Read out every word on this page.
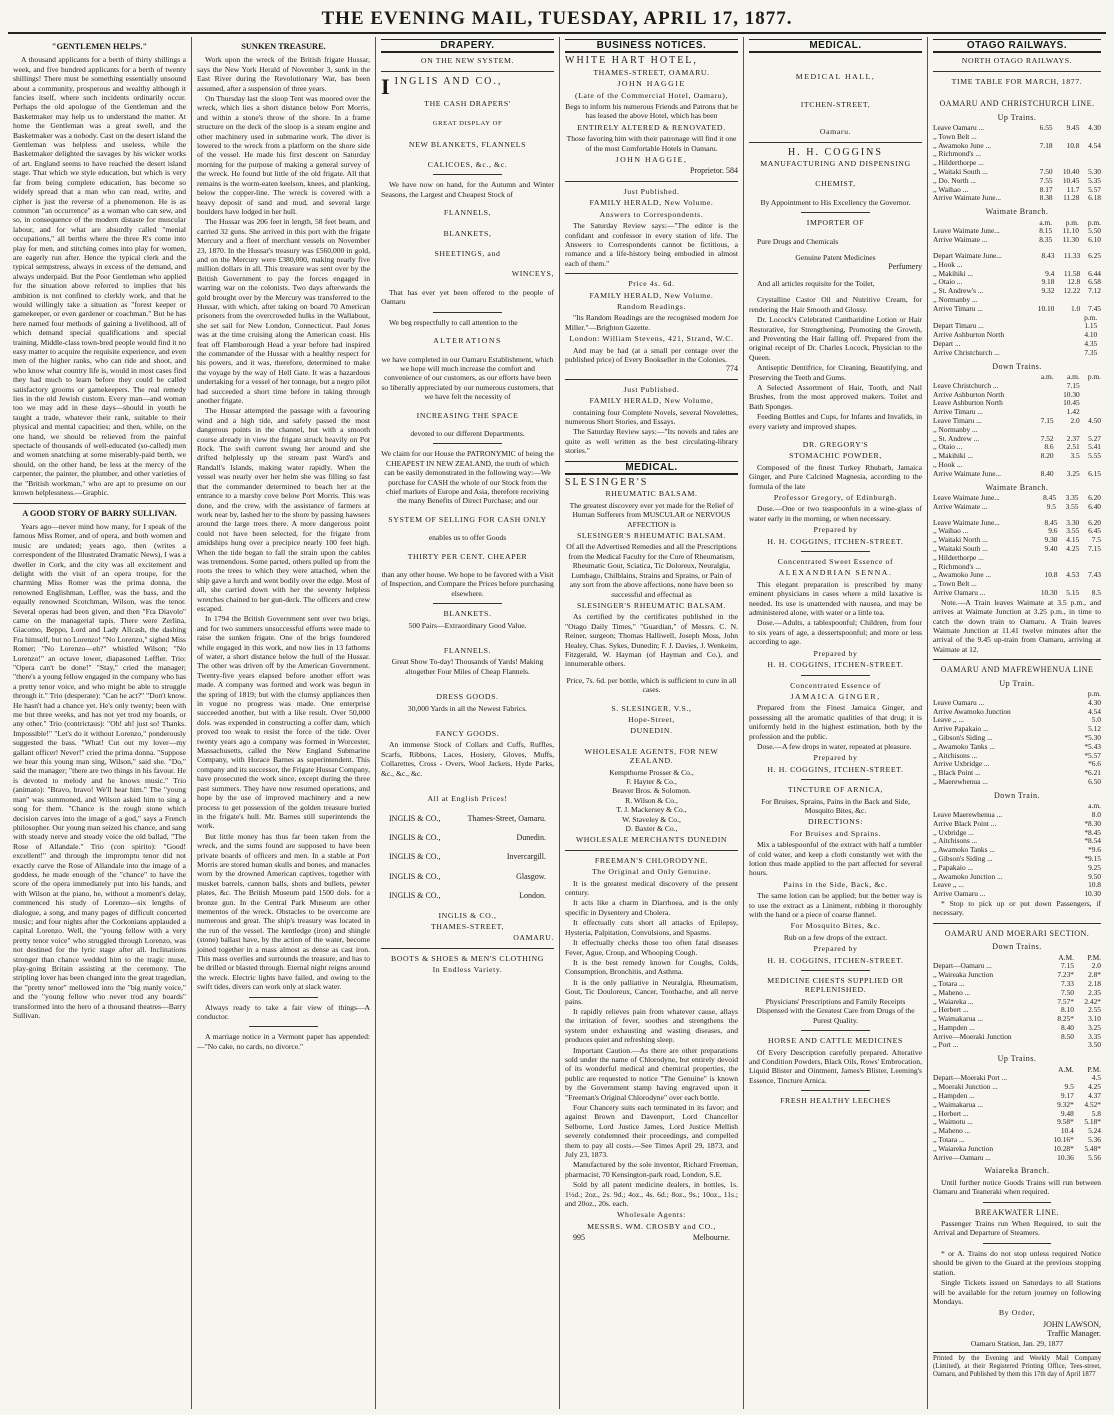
THE EVENING MAIL, TUESDAY, APRIL 17, 1877.
"GENTLEMEN HELPS."

A thousand applicants for a berth of thirty shillings a week, and five hundred applicants for a berth of twenty shillings! There must be something essentially unsound about a community, prosperous and wealthy although it fancies itself, where such incidents ordinarily occur. Perhaps the old apologue of the Gentleman and the Basketmaker may help us to understand the matter. At home the Gentleman was a great swell, and the Basketmaker was a nobody. Cast on the desert island the Gentleman was helpless and useless, while the Basketmaker delighted the savages by his wicker works of art. England seems to have reached the desert island stage. That which we style education, but which is very far from being complete education, has become so widely spread that a man who can read, write, and cipher is just the reverse of a phenomenon. He is as common "an occurrence" as a woman who can sew, and so, in consequence of the modern distaste for muscular labour, and for what are absurdly called "menial occupations," all berths where the three R's come into play for men, and stitching comes into play for women, are eagerly run after. Hence the typical clerk and the typical sempstress, always in excess of the demand, and always underpaid. But the Poor Gentleman who applied for the situation above referred to implies that his ambition is not confined to clerkly work, and that he would willingly take a situation as "forest keeper or gamekeeper, or even gardener or coachman." But he has here named four methods of gaining a livelihood, all of which demand special qualifications and special training. Middle-class town-bred people would find it no easy matter to acquire the requisite experience, and even men of the higher ranks, who can ride and shoot, and who know what country life is, would in most cases find they had much to learn before they could be called satisfactory grooms or gamekeepers. The real remedy lies in the old Jewish custom. Every man—and woman too we may add in these days—should in youth be taught a trade, whatever their rank, suitable to their physical and mental capacities; and then, while, on the one hand, we should be relieved from the painful spectacle of thousands of well-educated (so-called) men and women snatching at some miserably-paid berth, we should, on the other hand, be less at the mercy of the carpenter, the painter, the plumber, and other varieties of the "British workman," who are apt to presume on our known helplessness.—Graphic.

A GOOD STORY OF BARRY SULLIVAN.

Years ago—never mind how many, for I speak of the famous Miss Romer, and of opera, and both women and music are undated; years ago, then (writes a correspondent of the Illustrated Dramatic News), I was a dweller in Cork, and the city was all excitement and delight with the visit of an opera troupe, for the charming Miss Romer was the prima donna, the renowned Englishman, Leffler, was the bass, and the equally renowned Scotchman, Wilson, was the tenor. Several operas had been given, and then "Fra Diavolo" came on the managerial tapis. There were Zerlina, Giacomo, Beppo, Lord and Lady Allcash, the dashing Fra himself, but no Lorenzo! "No Lorenzo," sighed Miss Romer; "No Lorenzo—eh?" whistled Wilson; "No Lorenzo!" an octave lower, diapasoned Leffler. Trio: "Opera can't be done!" "Stay," cried the manager; "there's a young fellow engaged in the company who has a pretty tenor voice, and who might be able to struggle through it." Trio (desperate): "Can he act?" "Don't know. He hasn't had a chance yet. He's only twenty; been with me but three weeks, and has not yet trod my boards, or any other." Trio (contrictaus): "Oh! ah! just so! Thanks. Impossible!" "Let's do it without Lorenzo," ponderously suggested the bass. "What! Cut out my lover—my gallant officer! Never!" cried the prima donna. "Suppose we hear this young man sing, Wilson," said she. "Do," said the manager; "there are two things in his favour. He is devoted to melody and he knows music." Trio (animato): "Bravo, bravo! We'll hear him." The "young man" was summoned, and Wilson asked him to sing a song for them. "Chance is the rough stone which decision carves into the image of a god," says a French philosopher. Our young man seized his chance, and sang with steady nerve and steady voice the old ballad, "The Rose of Allandale." Trio (con spirito): "Good! excellent!" and through the impromptu tenor did not exactly carve the Rose of Allandale into the image of a goddess, he made enough of the "chance" to have the score of the opera immediately put into his hands, and with Wilson at the piano, he, without a moment's delay, commenced his study of Lorenzo—six lengths of dialogue, a song, and many pages of difficult concerted music; and four nights after the Corkonians applauded a capital Lorenzo. Well, the "young fellow with a very pretty tenor voice" who struggled through Lorenzo, was not destined for the lyric stage after all. Inclinations stronger than chance wedded him to the tragic muse, play-going Britain assisting at the ceremony. The stripling lover has been changed into the great tragedian, the "pretty tenor" mellowed into the "big manly voice," and the "young fellow who never trod any boards" transformed into the hero of a thousand theatres—Barry Sullivan.

SUNKEN TREASURE.

Work upon the wreck of the British frigate Hussar, says the New York Herald of November 3, sunk in the East River during the Revolutionary War, has been assumed, after a suspension of three years.

On Thursday last the sloop Tent was moored over the wreck, which lies a short distance below Port Morris, and within a stone's throw of the shore. In a frame structure on the deck of the sloop is a steam engine and other machinery used in submarine work. The diver is lowered to the wreck from a platform on the shore side of the vessel. He made his first descent on Saturday morning for the purpose of making a general survey of the wreck. He found but little of the old frigate. All that remains is the worm-eaten keelson, knees, and planking, below the copper-line. The wreck is covered with a heavy deposit of sand and mud, and several large boulders have lodged in her hull.

The Hussar was 206 feet in length, 58 feet beam, and carried 32 guns. She arrived in this port with the frigate Mercury and a fleet of merchant vessels on November 23, 1870. In the Hussar's treasury was £560,000 in gold, and on the Mercury were £380,000, making nearly five million dollars in all. This treasure was sent over by the British Government to pay the forces engaged in warring war on the colonists. Two days afterwards the gold brought over by the Mercury was transferred to the Hussar, with which, after taking on board 70 American prisoners from the overcrowded hulks in the Wallabout, she set sail for New London, Connecticut. Paul Jones was at the time cruising along the American coast. His feat off Flamborough Head a year before had inspired the commander of the Hussar with a healthy respect for his powers, and it was, therefore, determined to make the voyage by the way of Hell Gate. It was a hazardous undertaking for a vessel of her tonnage, but a negro pilot had succeeded a short time before in taking through another frigate.

The Hussar attempted the passage with a favouring wind and a high tide, and safely passed the most dangerous points in the channel, but with a smooth course already in view the frigate struck heavily on Pot Rock. The swift current swung her around and she drifted helplessly up the stream past Ward's and Randall's Islands, making water rapidly. When the vessel was nearly over her helm she was filling so fast that the commander determined to beach her at the entrance to a marshy cove below Port Morris. This was done, and the crew, with the assistance of farmers at work near by, lashed her to the shore by passing hawsers around the large trees there. A more dangerous point could not have been selected, for the frigate from amidships hung over a precipice nearly 100 feet high. When the tide began to fall the strain upon the cables was tremendous. Some parted, others pulled up from the roots the trees to which they were attached, when the ship gave a lurch and went bodily over the edge. Most of all, she carried down with her the seventy helpless wretches chained to her gun-deck. The officers and crew escaped.

In 1794 the British Government sent over two brigs, and for two summers unsuccessful efforts were made to raise the sunken frigate. One of the brigs foundered while engaged in this work, and now lies in 13 fathoms of water, a short distance below the hull of the Hussar. The other was driven off by the American Government. Twenty-five years elapsed before another effort was made. A company was formed and work was begun in the spring of 1819; but with the clumsy appliances then in vogue no progress was made. One enterprise succeeded another, but with a like result. Over 50,000 dols. was expended in constructing a coffer dam, which proved too weak to resist the force of the tide. Over twenty years ago a company was formed in Worcester, Massachusetts, called the New England Submarine Company, with Horace Barnes as superintendent. This company and its successor, the Frigate Hussar Company, have prosecuted the work since, except during the three past summers. They have now resumed operations, and hope by the use of improved machinery and a new process to get possession of the golden treasure buried in the frigate's hull. Mr. Barnes still superintends the work.

But little money has thus far been taken from the wreck, and the sums found are supposed to have been private boards of officers and men. In a stable at Port Morris are stored human skulls and bones, and manacles worn by the drowned American captives, together with musket barrels, cannon balls, shots and bullets, pewter plates, &c. The British Museum paid 1500 dols. for a bronze gun. In the Central Park Museum are other mementos of the wreck. Obstacles to be overcome are numerous and great. The ship's treasury was located in the run of the vessel. The kentledge (iron) and shingle (stone) ballast have, by the action of the water, become joined together in a mass almost as dense as cast iron. This mass overlies and surrounds the treasure, and has to be drilled or blasted through. Eternal night reigns around the wreck. Electric lights have failed, and owing to the swift tides, divers can work only at slack water.

Always ready to take a fair view of things—A conductor.

A marriage notice in a Vermont paper has appended:—"No cake, no cards, no divorce."

DRAPERY.
ON THE NEW SYSTEM.
IINGLIS AND CO.,
THE CASH DRAPERS'
GREAT DISPLAY OF
NEW BLANKETS, FLANNELS
CALICOES, &c., &c.

We have now on hand, for the Autumn and Winter Seasons, the Largest and Cheapest Stock of

FLANNELS,
BLANKETS,
SHEETINGS, and
WINCEYS,

That has ever yet been offered to the people of Oamaru

We beg respectfully to call attention to the

ALTERATIONS

we have completed in our Oamaru Establishment, which we hope will much increase the comfort and convenience of our customers, as our efforts have been so liberally appreciated by our numerous customers, that we have felt the necessity of

INCREASING THE SPACE

devoted to our different Departments.

We claim for our House the PATRONYMIC of being the CHEAPEST IN NEW ZEALAND, the truth of which can be easily demonstrated in the following way:—We purchase for CASH the whole of our Stock from the chief markets of Europe and Asia, therefore receiving the many Benefits of Direct Purchase; and our

SYSTEM OF SELLING FOR CASH ONLY

enables us to offer Goods

THIRTY PER CENT. CHEAPER

than any other house. We hope to be favored with a Visit of Inspection, and Compare the Prices before purchasing elsewhere.

BLANKETS.

500 Pairs—Extraordinary Good Value.

FLANNELS.

Great Show To-day! Thousands of Yards! Making altogether Four Miles of Cheap Flannels.

DRESS GOODS.

30,000 Yards in all the Newest Fabrics.

FANCY GOODS.

An immense Stock of Collars and Cuffs, Ruffles, Scarfs, Ribbons, Laces, Hosiery, Gloves, Muffs, Collarettes, Cross - Overs, Wool Jackets, Hyde Parks, &c., &c., &c.

All at English Prices!
INGLIS & CO.,	Thames-Street, Oamaru.
INGLIS & CO.,	Dunedin.
INGLIS & CO.,	Invercargill.
INGLIS & CO.,	Glasgow.
INGLIS & CO.,	London.
INGLIS & CO.,
THAMES-STREET,
OAMARU.
BOOTS & SHOES & MEN'S CLOTHING
In Endless Variety.
BUSINESS NOTICES.
WHITE HART HOTEL,
THAMES-STREET, OAMARU.
JOHN HAGGIE
(Late of the Commercial Hotel, Oamaru),

Begs to inform his numerous Friends and Patrons that he has leased the above Hotel, which has been

ENTIRELY ALTERED & RENOVATED.

Those favoring him with their patronage will find it one of the most Comfortable Hotels in Oamaru.

JOHN HAGGIE,
Proprietor. 584
Just Published.
FAMILY HERALD, New Volume.
Answers to Correspondents.

The Saturday Review says:—"The editor is the confidant and confessor in every station of life. The Answers to Correspondents cannot be fictitious, a romance and a life-history being embodied in almost each of them."

Price 4s. 6d.
FAMILY HERALD, New Volume.
Random Readings.

"Its Random Readings are the recognised modern Joe Miller."—Brighton Gazette.

London: William Stevens, 421, Strand, W.C.

And may be had (at a small per centage over the published price) of Every Bookseller in the Colonies.

774
Just Published.
FAMILY HERALD, New Volume,

containing four Complete Novels, several Novelettes, numerous Short Stories, and Essays.

The Saturday Review says:—"Its novels and tales are quite as well written as the best circulating-library stories."

MEDICAL.
SLESINGER'S
RHEUMATIC BALSAM.

The greatest discovery ever yet made for the Relief of Human Sufferers from MUSCULAR or NERVOUS AFFECTION is

SLESINGER'S RHEUMATIC BALSAM.

Of all the Advertised Remedies and all the Prescriptions from the Medical Faculty for the Cure of Rheumatism, Rheumatic Gout, Sciatica, Tic Doloreux, Neuralgia, Lumbago, Chilblains, Strains and Sprains, or Pain of any sort from the above affections, none have been so successful and effectual as

SLESINGER'S RHEUMATIC BALSAM.

As certified by the certificates published in the "Otago Daily Times," "Guardian," of Messrs. C. N. Reiner, surgeon; Thomas Halliwell, Joseph Moss, John Healey, Chas. Sykes, Dunedin; F. J. Davies, J. Wenkeim, Fitzgerald, W. Hayman (of Hayman and Co.), and innumerable others.

Price, 7s. 6d. per bottle, which is sufficient to cure in all cases.

S. SLESINGER, V.S.,
Hope-Street,
DUNEDIN.
WHOLESALE AGENTS, FOR NEW ZEALAND.
Kempthorne Prosser & Co.,
F. Hayter & Co.,
Beaver Bros. & Solomon.
R. Wilson & Co.,
T. J. Mackersey & Co.,
W. Staveley & Co.,
D. Baxter & Co.,
WHOLESALE MERCHANTS DUNEDIN
FREEMAN'S CHLORODYNE.
The Original and Only Genuine.

It is the greatest medical discovery of the present century.

It acts like a charm in Diarrhoea, and is the only specific in Dysentery and Cholera.

It effectually cuts short all attacks of Epilepsy, Hysteria, Palpitation, Convulsions, and Spasms.

It effectually checks those too often fatal diseases Fever, Ague, Croup, and Whooping Cough.

It is the best remedy known for Coughs, Colds, Consumption, Bronchitis, and Asthma.

It is the only palliative in Neuralgia, Rheumatism, Gout, Tic Douloreux, Cancer, Toothache, and all nerve pains.

It rapidly relieves pain from whatever cause, allays the irritation of fever, soothes and strengthens the system under exhausting and wasting diseases, and produces quiet and refreshing sleep.

Important Caution.—As there are other preparations sold under the name of Chlorodyne, but entirely devoid of its wonderful medical and chemical properties, the public are requested to notice "The Genuine" is known by the Government stamp having engraved upon it "Freeman's Original Chlorodyne" over each bottle.

Four Chancery suits each terminated in its favor; and against Brown and Davenport, Lord Chancellor Selborne, Lord Justice James, Lord Justice Mellish severely condemned their proceedings, and compelled them to pay all costs.—See Times April 29, 1873, and July 23, 1873.

Manufactured by the sole inventor, Richard Freeman, pharmacist, 70 Kensington-park road, London, S.E.

Sold by all patent medicine dealers, in bottles, 1s. 1½d.; 2oz., 2s. 9d.; 4oz., 4s. 6d.; 8oz., 9s.; 10oz., 11s.; and 20oz., 20s. each.

Wholesale Agents:
MESSRS. WM. CROSBY and CO.,
995	Melbourne.
MEDICAL.
MEDICAL HALL,
ITCHEN-STREET,
Oamaru.
H. H. COGGINS
MANUFACTURING AND DISPENSING
CHEMIST,

By Appointment to His Excellency the Governor.

IMPORTER OF

Pure Drugs and Chemicals

Genuine Patent Medicines

Perfumery

And all articles requisite for the Toilet,

Crystalline Castor Oil and Nutritive Cream, for rendering the Hair Smooth and Glossy.

Dr. Locock's Celebrated Cantharidine Lotion or Hair Restorative, for Strengthening, Promoting the Growth, and Preventing the Hair falling off. Prepared from the original receipt of Dr. Charles Locock, Physician to the Queen.

Antiseptic Dentifrice, for Cleaning, Beautifying, and Preserving the Teeth and Gums.

A Selected Assortment of Hair, Tooth, and Nail Brushes, from the most approved makers. Toilet and Bath Sponges.

Feeding Bottles and Cups, for Infants and Invalids, in every variety and improved shapes.

DR. GREGORY'S
STOMACHIC POWDER,

Composed of the finest Turkey Rhubarb, Jamaica Ginger, and Pure Calcined Magnesia, according to the formula of the late

Professor Gregory, of Edinburgh.

Dose.—One or two teaspoonfuls in a wine-glass of water early in the morning, or when necessary.

Prepared by
H. H. COGGINS, ITCHEN-STREET.
Concentrated Sweet Essence of
ALEXANDRIAN SENNA.

This elegant preparation is prescribed by many eminent physicians in cases where a mild laxative is needed. Its use is unattended with nausea, and may be administered alone, with water or a little tea.

Dose.—Adults, a tablespoonful; Children, from four to six years of age, a dessertspoonful; and more or less according to age.

Prepared by
H. H. COGGINS, ITCHEN-STREET.
Concentrated Essence of
JAMAICA GINGER,

Prepared from the Finest Jamaica Ginger, and possessing all the aromatic qualities of that drug; it is uniformly held in the highest estimation, both by the profession and the public.

Dose.—A few drops in water, repeated at pleasure.

Prepared by
H. H. COGGINS, ITCHEN-STREET.
TINCTURE OF ARNICA,

For Bruises, Sprains, Pains in the Back and Side, Mosquito Bites, &c.

DIRECTIONS:
For Bruises and Sprains.

Mix a tablespoonful of the extract with half a tumbler of cold water, and keep a cloth constantly wet with the lotion thus made applied to the part affected for several hours.

Pains in the Side, Back, &c.

The same lotion can be applied; but the better way is to use the extract as a Liniment, rubbing it thoroughly with the hand or a piece of coarse flannel.

For Mosquito Bites, &c.

Rub on a few drops of the extract.

Prepared by
H. H. COGGINS, ITCHEN-STREET.
MEDICINE CHESTS SUPPLIED OR REPLENISHED.

Physicians' Prescriptions and Family Receipts Dispensed with the Greatest Care from Drugs of the Purest Quality.

HORSE AND CATTLE MEDICINES

Of Every Description carefully prepared. Alterative and Condition Powders, Black Oils, Rows' Embrocation, Liquid Blister and Ointment, James's Blister, Leeming's Essence, Tincture Arnica.

FRESH HEALTHY LEECHES
OTAGO RAILWAYS.
NORTH OTAGO RAILWAYS.
TIME TABLE FOR MARCH, 1877.
OAMARU AND CHRISTCHURCH LINE.
Up Trains.
Leave Oamaru ...	6.55	9.45	4.30
,, Town Belt ...			
,, Awamoko June ...	7.18	10.8	4.54
,, Richmond's ...			
,, Hilderthorpe ...			
,, Waitaki South ...	7.50	10.40	5.30
,, Do. North ...	7.55	10.45	5.35
,, Waihao ...	8.17	11.7	5.57
Arrive Waimate June...	8.38	11.28	6.18
Waimate Branch.
	a.m.	p.m.	p.m.
Leave Waimate June...	8.15	11.10	5.50
Arrive Waimate ...	8.35	11.30	6.10
Depart Waimate June...	8.43	11.33	6.25
,, Hook ...			
,, Makihiki ...	9.4	11.58	6.44
,, Otaio ...	9.18	12.8	6.58
,, St. Andrew's ...	9.32	12.22	7.12
,, Normanby ...			
Arrive Timaru ...	10.10	1.0	7.45
		p.m.	
Depart Timaru ...		1.15	
Arrive Ashburton North		4.10	
Depart ...		4.35	
Arrive Christchurch ...		7.35	
Down Trains.
	a.m.	a.m.	p.m.
Leave Christchurch ...		7.15	
Arrive Ashburton North		10.30	
Leave Ashburton North		10.45	
Arrive Timaru ...		1.42	
Leave Timaru ...	7.15	2.0	4.50
,, Normanby ...			
,, St. Andrew ...	7.52	2.37	5.27
,, Otaio ...	8.6	2.51	5.41
,, Makihiki ...	8.20	3.5	5.55
,, Hook ...			
Arrive Waimate June...	8.40	3.25	6.15
Waimate Branch.
Leave Waimate June...	8.45	3.35	6.20
Arrive Waimate ...	9.5	3.55	6.40
Leave Waimate June...	8.45	3.30	6.20
,, Waihao ...	9.6	3.55	6.45
,, Waitaki North ...	9.30	4.15	7.5
,, Waitaki South ...	9.40	4.25	7.15
,, Hilderthorpe ...			
,, Richmond's ...			
,, Awamoko June ...	10.8	4.53	7.43
,, Town Belt ...			
Arrive Oamaru ...	10.30	5.15	8.5

Note.—A Train leaves Waimate at 3.5 p.m., and arrives at Waimate Junction at 3.25 p.m., in time to catch the down train to Oamaru. A Train leaves Waimate Junction at 11.41 twelve minutes after the arrival of the 9.45 up-train from Oamaru, arriving at Waimate at 12.

OAMARU AND MAFREWHENUA LINE
Up Train.
	p.m.
Leave Oamaru ...	4.30
Arrive Awamoko Junction	4.54
Leave ,, ...	5.0
Arrive Papakaio ...	5.12
,, Gibson's Siding ...	*5.30
,, Awamoko Tanks ...	*5.43
,, Aitchisons ...	*5.57
Arrive Uxbridge ...	*6.6
,, Black Point ...	*6.21
,, Maerewhenua ...	6.50
Down Train.
	a.m.
Leave Maerewhenua ...	8.0
Arrive Black Point ...	*8.30
,, Uxbridge ...	*8.45
,, Aitchisons ...	*8.54
,, Awamoko Tanks ...	*9.6
,, Gibson's Siding ...	*9.15
,, Papakaio ...	9.25
,, Awamoko Junction ...	9.50
Leave ,, ...	10.8
Arrive Oamaru ...	10.30

* Stop to pick up or put down Passengers, if necessary.

OAMARU AND MOERARI SECTION.
Down Trains.
	A.M.	P.M.
Depart—Oamaru ...	7.15	2.0
,, Waireaka Junction	7.23*	2.8*
,, Totara ...	7.33	2.18
,, Maheno ...	7.50	2.35
,, Waiareka ...	7.57*	2.42*
,, Herbert ...	8.10	2.55
,, Waimakarua ...	8.25*	3.10
,, Hampden ...	8.40	3.25
Arrive—Moeraki Junction	8.50	3.35
,, Port ...		3.50
Up Trains.
	A.M.	P.M.
Depart—Moeraki Port ...		4.5
,, Moeraki Junction ...	9.5	4.25
,, Hampden ...	9.17	4.37
,, Waimakarua ...	9.32*	4.52*
,, Herbert ...	9.48	5.8
,, Waimotu ...	9.58*	5.18*
,, Maheno ...	10.4	5.24
,, Totara ...	10.16*	5.36
,, Waiareka Junction	10.28*	5.48*
Arrive—Oamaru ...	10.36	5.56
Waiareka Branch.

Until further notice Goods Trains will run between Oamaru and Teaneraki when required.

BREAKWATER LINE.

Passenger Trains run When Required, to suit the Arrival and Departure of Steamers.

* or A. Trains do not stop unless required Notice should be given to the Guard at the previous stopping station.

Single Tickets issued on Saturdays to all Stations will be available for the return journey on following Mondays.

By Order,
JOHN LAWSON,
Traffic Manager.
Oamaru Station, Jan. 29, 1877
Printed by the Evening and Weekly Mail Company (Limited), at their Registered Printing Office, Tees-street, Oamaru, and Published by them this 17th day of April 1877
